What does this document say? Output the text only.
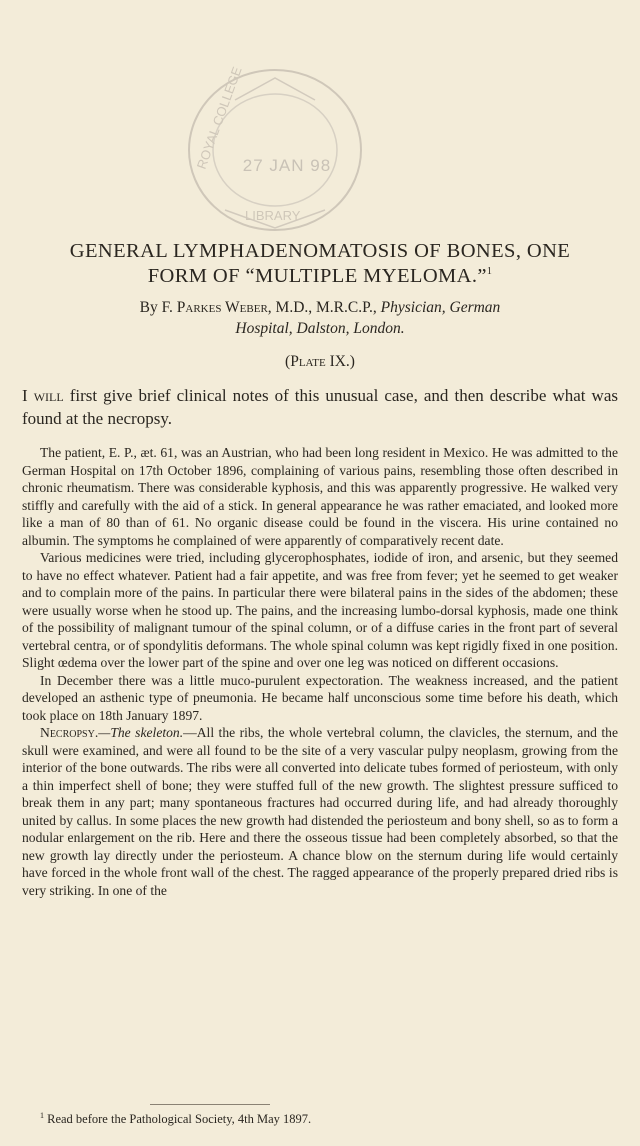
ROYAL COLLEGE
LIBRARY
27 JAN 98
GENERAL LYMPHADENOMATOSIS OF BONES, ONE
FORM OF “MULTIPLE MYELOMA.”$^1$
By F. Parkes Weber, M.D., M.R.C.P., Physician, German
Hospital, Dalston, London.
(Plate IX.)
I will first give brief clinical notes of this unusual case, and then describe what was found at the necropsy.

The patient, E. P., æt. 61, was an Austrian, who had been long resident in Mexico. He was admitted to the German Hospital on 17th October 1896, complaining of various pains, resembling those often described in chronic rheumatism. There was considerable kyphosis, and this was apparently progressive. He walked very stiffly and carefully with the aid of a stick. In general appearance he was rather emaciated, and looked more like a man of 80 than of 61. No organic disease could be found in the viscera. His urine contained no albumin. The symptoms he complained of were apparently of comparatively recent date.

Various medicines were tried, including glycerophosphates, iodide of iron, and arsenic, but they seemed to have no effect whatever. Patient had a fair appetite, and was free from fever; yet he seemed to get weaker and to complain more of the pains. In particular there were bilateral pains in the sides of the abdomen; these were usually worse when he stood up. The pains, and the increasing lumbo-dorsal kyphosis, made one think of the possibility of malignant tumour of the spinal column, or of a diffuse caries in the front part of several vertebral centra, or of spondylitis deformans. The whole spinal column was kept rigidly fixed in one position. Slight œdema over the lower part of the spine and over one leg was noticed on different occasions.

In December there was a little muco-purulent expectoration. The weakness increased, and the patient developed an asthenic type of pneumonia. He became half unconscious some time before his death, which took place on 18th January 1897.

Necropsy.—The skeleton.—All the ribs, the whole vertebral column, the clavicles, the sternum, and the skull were examined, and were all found to be the site of a very vascular pulpy neoplasm, growing from the interior of the bone outwards. The ribs were all converted into delicate tubes formed of periosteum, with only a thin imperfect shell of bone; they were stuffed full of the new growth. The slightest pressure sufficed to break them in any part; many spontaneous fractures had occurred during life, and had already thoroughly united by callus. In some places the new growth had distended the periosteum and bony shell, so as to form a nodular enlargement on the rib. Here and there the osseous tissue had been completely absorbed, so that the new growth lay directly under the periosteum. A chance blow on the sternum during life would certainly have forced in the whole front wall of the chest. The ragged appearance of the properly prepared dried ribs is very striking. In one of the

$^1$ Read before the Pathological Society, 4th May 1897.
